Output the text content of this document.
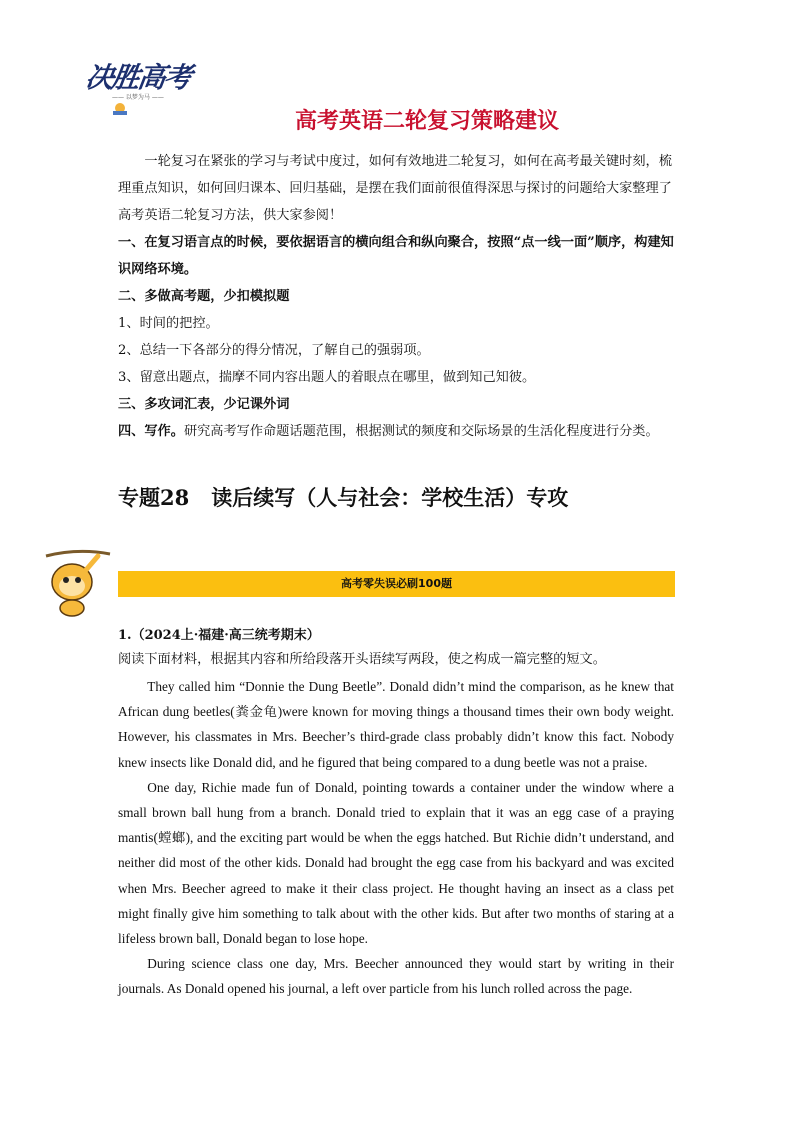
决胜高考
—— 以梦为马 ——
高考英语二轮复习策略建议

一轮复习在紧张的学习与考试中度过，如何有效地进二轮复习，如何在高考最关键时刻，梳理重点知识，如何回归课本、回归基础，是摆在我们面前很值得深思与探讨的问题给大家整理了高考英语二轮复习方法，供大家参阅！

一、在复习语言点的时候，要依据语言的横向组合和纵向聚合，按照“点一线一面”顺序，构建知识网络环境。

二、多做高考题，少扣模拟题

1、时间的把控。

2、总结一下各部分的得分情况，了解自己的强弱项。

3、留意出题点，揣摩不同内容出题人的着眼点在哪里，做到知己知彼。

三、多攻词汇表，少记课外词

四、写作。研究高考写作命题话题范围，根据测试的频度和交际场景的生活化程度进行分类。

专题28 读后续写（人与社会：学校生活）专攻
高考零失误必刷100题
1.（2024上·福建·高三统考期末）
阅读下面材料，根据其内容和所给段落开头语续写两段，使之构成一篇完整的短文。

They called him “Donnie the Dung Beetle”. Donald didn’t mind the comparison, as he knew that African dung beetles(粪金龟)were known for moving things a thousand times their own body weight. However, his classmates in Mrs. Beecher’s third-grade class probably didn’t know this fact. Nobody knew insects like Donald did, and he figured that being compared to a dung beetle was not a praise.

One day, Richie made fun of Donald, pointing towards a container under the window where a small brown ball hung from a branch. Donald tried to explain that it was an egg case of a praying mantis(螳螂), and the exciting part would be when the eggs hatched. But Richie didn’t understand, and neither did most of the other kids. Donald had brought the egg case from his backyard and was excited when Mrs. Beecher agreed to make it their class project. He thought having an insect as a class pet might finally give him something to talk about with the other kids. But after two months of staring at a lifeless brown ball, Donald began to lose hope.

During science class one day, Mrs. Beecher announced they would start by writing in their journals. As Donald opened his journal, a left over particle from his lunch rolled across the page.
